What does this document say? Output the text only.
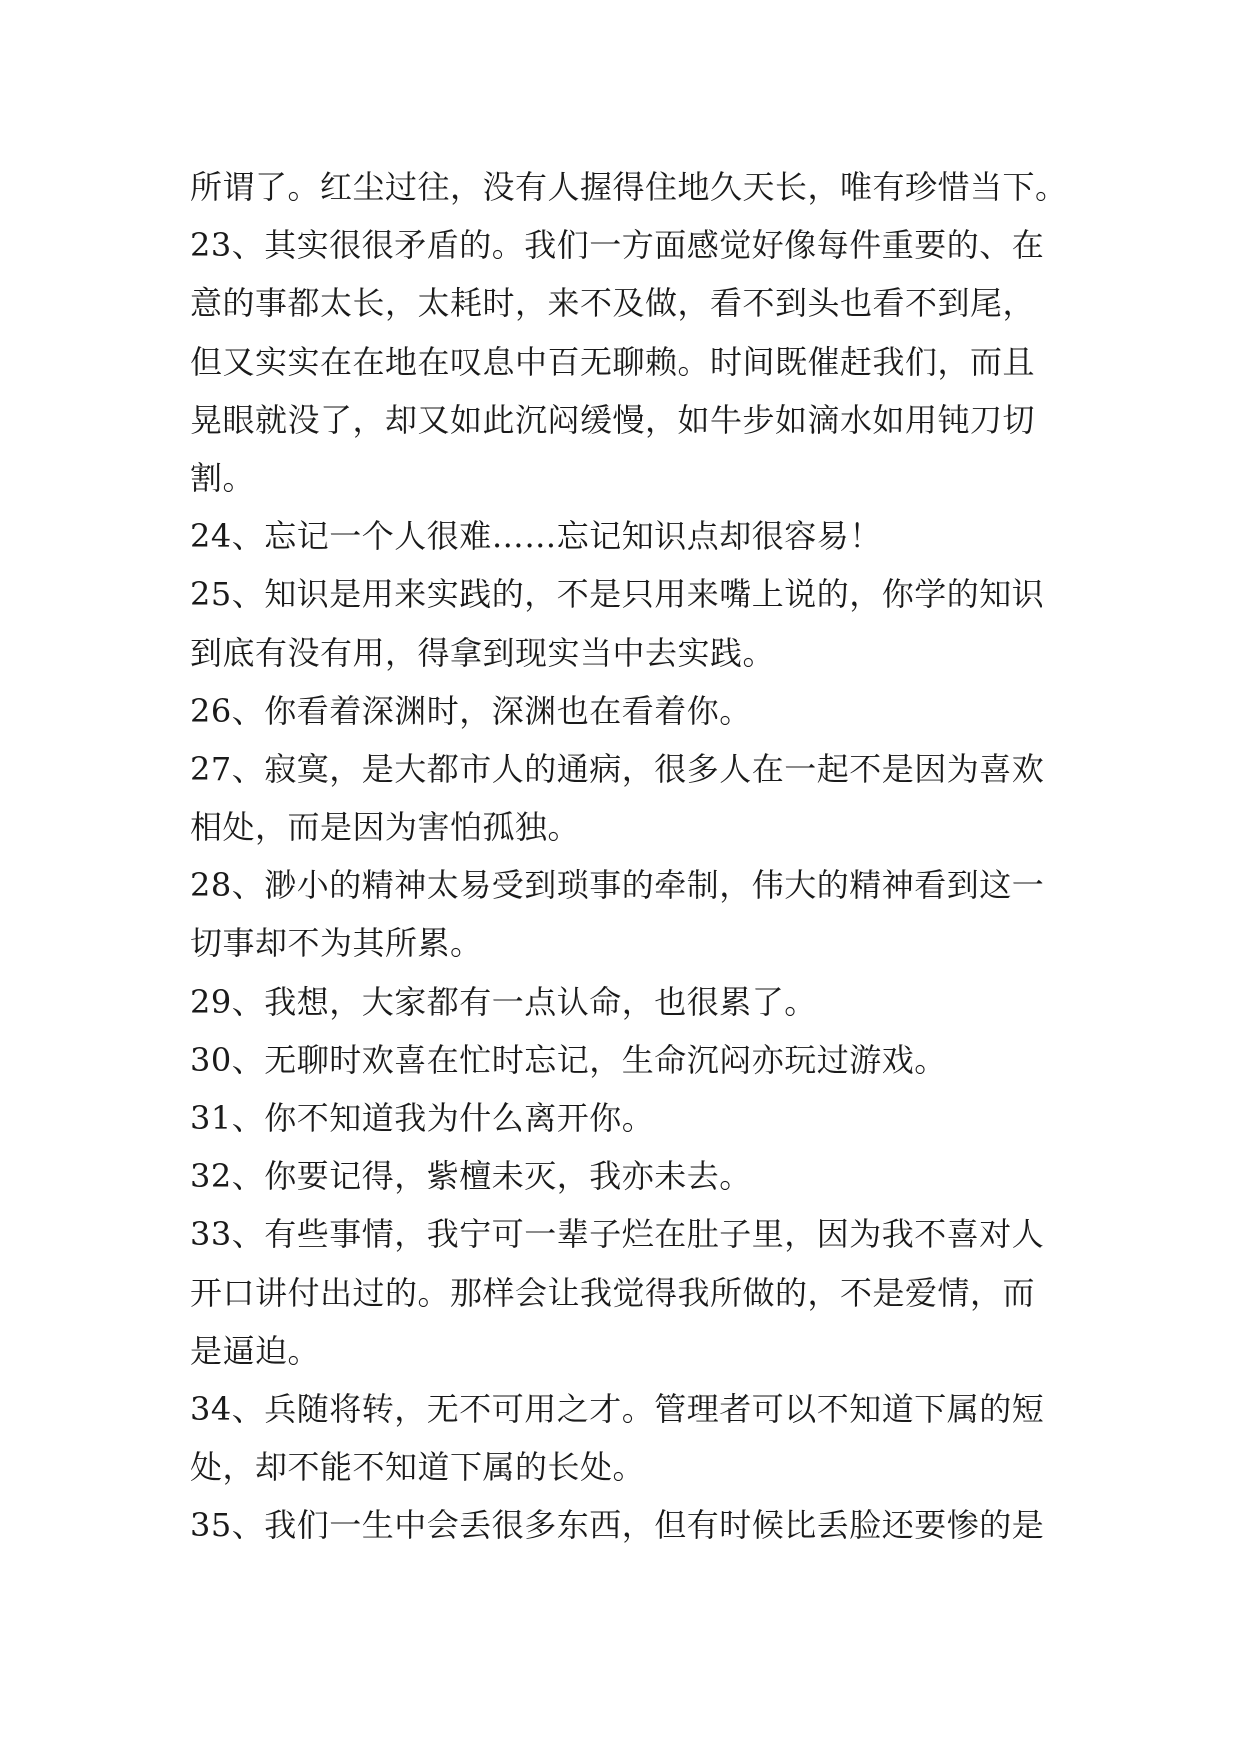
所谓了。红尘过往，没有人握得住地久天长，唯有珍惜当下。
23、其实很很矛盾的。我们一方面感觉好像每件重要的、在
意的事都太长，太耗时，来不及做，看不到头也看不到尾，
但又实实在在地在叹息中百无聊赖。时间既催赶我们，而且
晃眼就没了，却又如此沉闷缓慢，如牛步如滴水如用钝刀切
割。
24、忘记一个人很难……忘记知识点却很容易！
25、知识是用来实践的，不是只用来嘴上说的，你学的知识
到底有没有用，得拿到现实当中去实践。
26、你看着深渊时，深渊也在看着你。
27、寂寞，是大都市人的通病，很多人在一起不是因为喜欢
相处，而是因为害怕孤独。
28、渺小的精神太易受到琐事的牵制，伟大的精神看到这一
切事却不为其所累。
29、我想，大家都有一点认命，也很累了。
30、无聊时欢喜在忙时忘记，生命沉闷亦玩过游戏。
31、你不知道我为什么离开你。
32、你要记得，紫檀未灭，我亦未去。
33、有些事情，我宁可一辈子烂在肚子里，因为我不喜对人
开口讲付出过的。那样会让我觉得我所做的，不是爱情，而
是逼迫。
34、兵随将转，无不可用之才。管理者可以不知道下属的短
处，却不能不知道下属的长处。
35、我们一生中会丢很多东西，但有时候比丢脸还要惨的是
